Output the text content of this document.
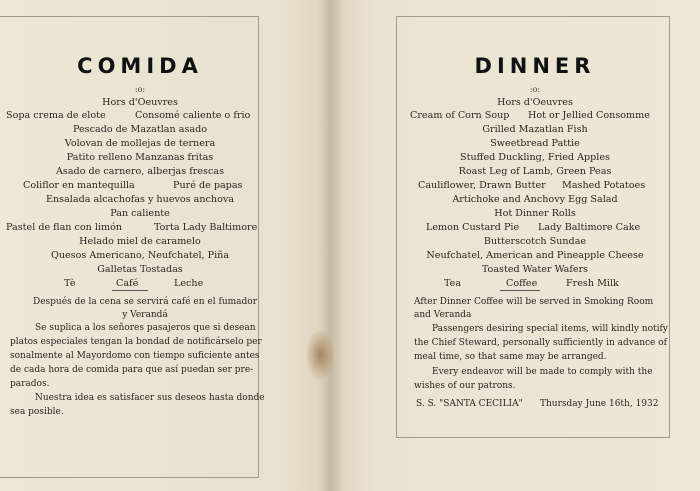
COMIDA
:o:
Hors d'Oeuvres
Sopa crema de elote	Consomé caliente o frio
Pescado de Mazatlan asado
Volovan de mollejas de ternera
Patito relleno Manzanas fritas
Asado de carnero, alberjas frescas
Coliflor en mantequilla	Puré de papas
Ensalada alcachofas y huevos anchova
Pan caliente
Pastel de flan con limón	Torta Lady Baltimore
Helado miel de caramelo
Quesos Americano, Neufchatel, Piña
Galletas Tostadas
Tè	Café	Leche
Después de la cena se servirá café en el fumador
y Verandá
Se suplica a los señores pasajeros que si desean
platos especiales tengan la bondad de notificárselo per
sonalmente al Mayordomo con tiempo suficiente antes
de cada hora de comida para que así puedan ser pre-
parados.
Nuestra idea es satisfacer sus deseos hasta donde
sea posible.
DINNER
:o:
Hors d'Oeuvres
Cream of Corn Soup Hot or Jellied Consomme
Grilled Mazatlan Fish
Sweetbread Pattie
Stuffed Duckling, Fried Apples
Roast Leg of Lamb, Green Peas
Cauliflower, Drawn Butter Mashed Potatoes
Artichoke and Anchovy Egg Salad
Hot Dinner Rolls
Lemon Custard Pie Lady Baltimore Cake
Butterscotch Sundae
Neufchatel, American and Pineapple Cheese
Toasted Water Wafers
Tea	Coffee	Fresh Milk
After Dinner Coffee will be served in Smoking Room
and Veranda
Passengers desiring special items, will kindly notify
the Chief Steward, personally sufficiently in advance of
meal time, so that same may be arranged.
Every endeavor will be made to comply with the
wishes of our patrons.
S. S. "SANTA CECILIA" Thursday June 16th, 1932
